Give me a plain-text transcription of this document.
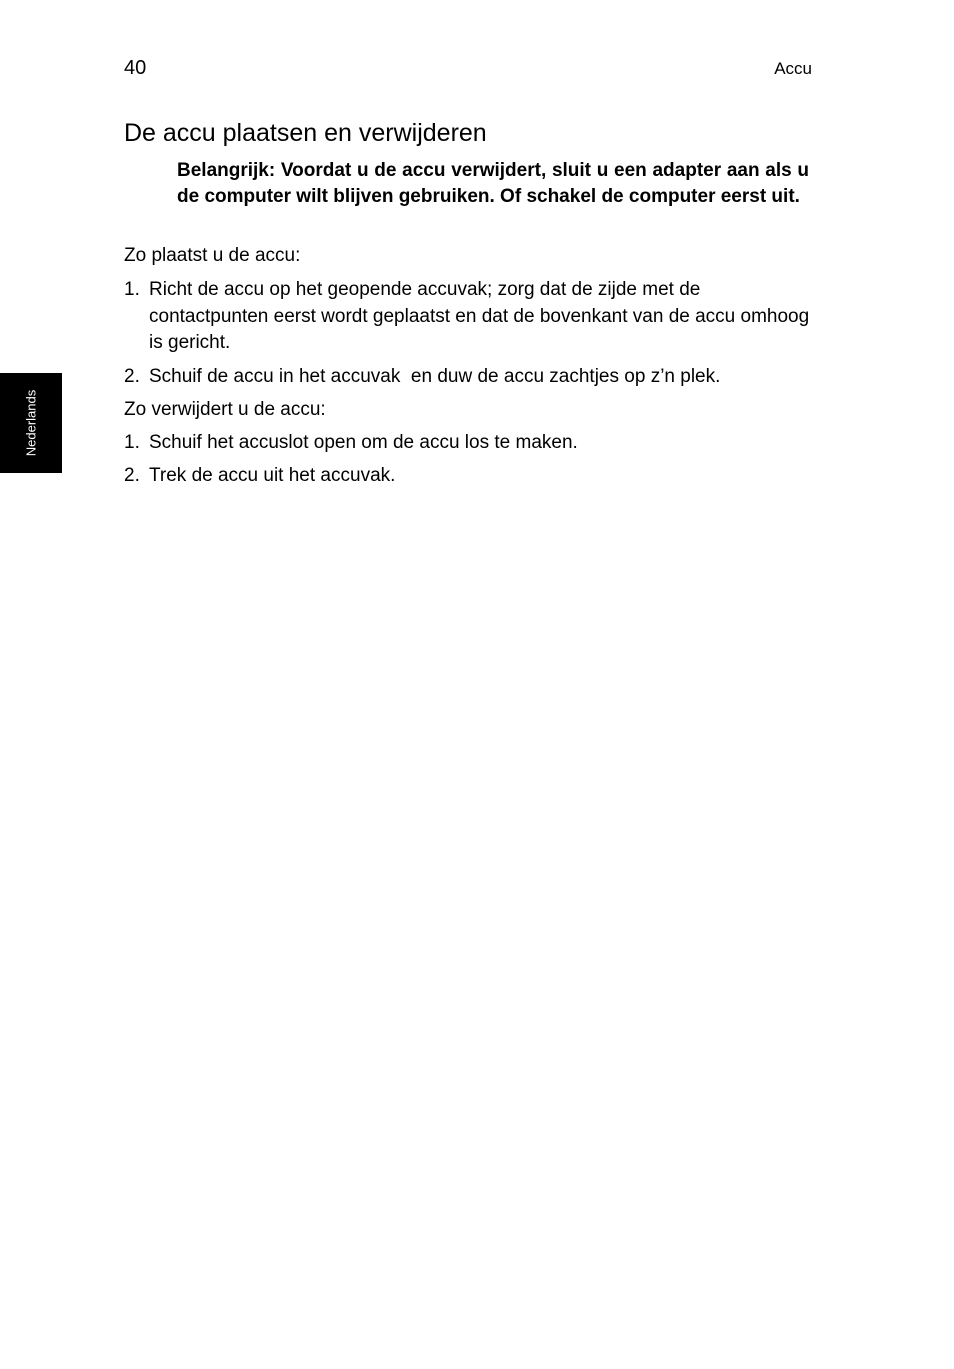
40	Accu
Nederlands
De accu plaatsen en verwijderen

Belangrijk: Voordat u de accu verwijdert, sluit u een adapter aan als u de computer wilt blijven gebruiken. Of schakel de computer eerst uit.

Zo plaatst u de accu:

1. Richt de accu op het geopende accuvak; zorg dat de zijde met de contactpunten eerst wordt geplaatst en dat de bovenkant van de accu omhoog is gericht.
2. Schuif de accu in het accuvak  en duw de accu zachtjes op z’n plek.

Zo verwijdert u de accu:

1. Schuif het accuslot open om de accu los te maken.
2. Trek de accu uit het accuvak.
